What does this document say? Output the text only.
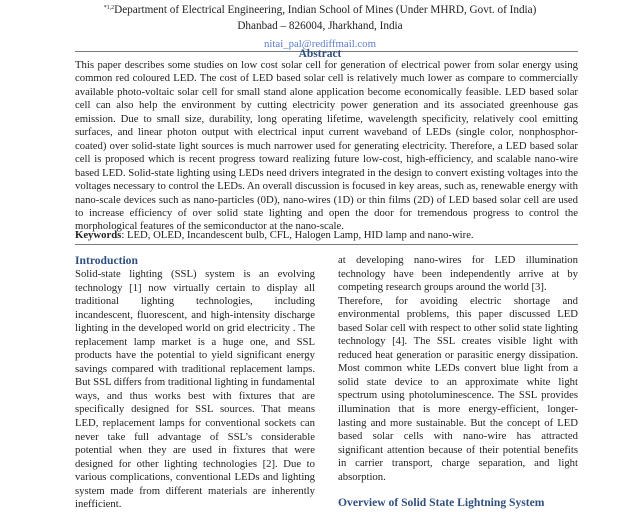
$^{*1,2}$Department of Electrical Engineering, Indian School of Mines (Under MHRD, Govt. of India)
Dhanbad – 826004, Jharkhand, India
nitai_pal@rediffmail.com
Abstract
This paper describes some studies on low cost solar cell for generation of electrical power from solar energy using common red coloured LED. The cost of LED based solar cell is relatively much lower as compare to commercially available photo-voltaic solar cell for small stand alone application become economically feasible. LED based solar cell can also help the environment by cutting electricity power generation and its associated greenhouse gas emission. Due to small size, durability, long operating lifetime, wavelength specificity, relatively cool emitting surfaces, and linear photon output with electrical input current waveband of LEDs (single color, nonphosphor-coated) over solid-state light sources is much narrower used for generating electricity. Therefore, a LED based solar cell is proposed which is recent progress toward realizing future low-cost, high-efficiency, and scalable nano-wire based LED. Solid-state lighting using LEDs need drivers integrated in the design to convert existing voltages into the voltages necessary to control the LEDs. An overall discussion is focused in key areas, such as, renewable energy with nano-scale devices such as nano-particles (0D), nano-wires (1D) or thin films (2D) of LED based solar cell are used to increase efficiency of over solid state lighting and open the door for tremendous progress to control the morphological features of the semiconductor at the nano-scale.
Keywords: LED, OLED, Incandescent bulb, CFL, Halogen Lamp, HID lamp and nano-wire.
Introduction

Solid-state lighting (SSL) system is an evolving technology [1] now virtually certain to display all traditional lighting technologies, including incandescent, fluorescent, and high-intensity discharge lighting in the developed world on grid electricity . The replacement lamp market is a huge one, and SSL products have the potential to yield significant energy savings compared with traditional replacement lamps. But SSL differs from traditional lighting in fundamental ways, and thus works best with fixtures that are specifically designed for SSL sources. That means LED, replacement lamps for conventional sockets can never take full advantage of SSL’s considerable potential when they are used in fixtures that were designed for other lighting technologies [2]. Due to various complications, conventional LEDs and lighting system made from different materials are inherently inefficient.

at developing nano-wires for LED illumination technology have been independently arrive at by competing research groups around the world [3].

Therefore, for avoiding electric shortage and environmental problems, this paper discussed LED based Solar cell with respect to other solid state lighting technology [4]. The SSL creates visible light with reduced heat generation or parasitic energy dissipation. Most common white LEDs convert blue light from a solid state device to an approximate white light spectrum using photoluminescence. The SSL provides illumination that is more energy-efficient, longer-lasting and more sustainable. But the concept of LED based solar cells with nano-wire has attracted significant attention because of their potential benefits in carrier transport, charge separation, and light absorption.

Overview of Solid State Lightning System
